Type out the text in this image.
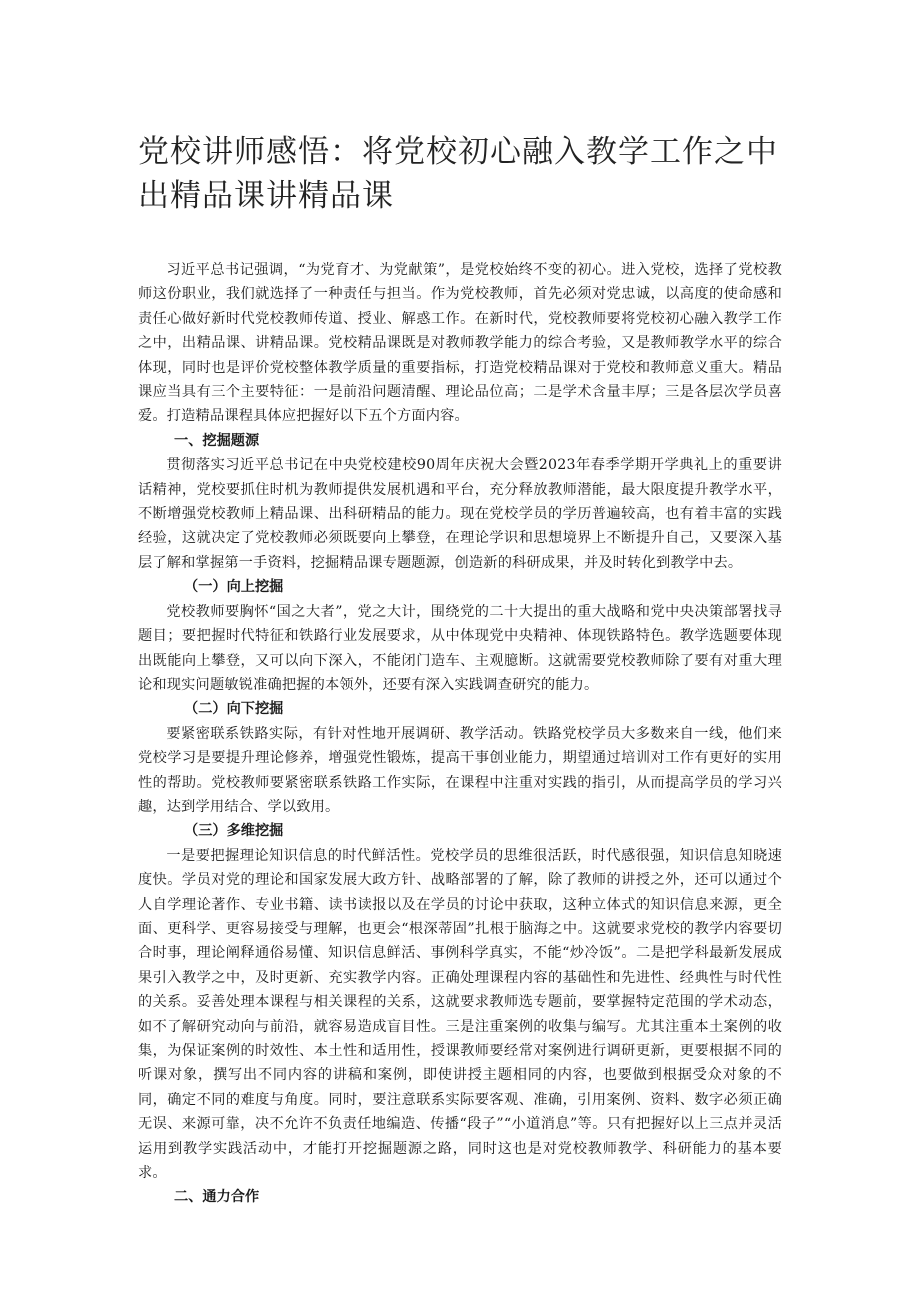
党校讲师感悟：将党校初心融入教学工作之中出精品课讲精品课

习近平总书记强调，“为党育才、为党献策”，是党校始终不变的初心。进入党校，选择了党校教师这份职业，我们就选择了一种责任与担当。作为党校教师，首先必须对党忠诚，以高度的使命感和责任心做好新时代党校教师传道、授业、解惑工作。在新时代，党校教师要将党校初心融入教学工作之中，出精品课、讲精品课。党校精品课既是对教师教学能力的综合考验，又是教师教学水平的综合体现，同时也是评价党校整体教学质量的重要指标，打造党校精品课对于党校和教师意义重大。精品课应当具有三个主要特征：一是前沿问题清醒、理论品位高；二是学术含量丰厚；三是各层次学员喜爱。打造精品课程具体应把握好以下五个方面内容。

一、挖掘题源

贯彻落实习近平总书记在中央党校建校90周年庆祝大会暨2023年春季学期开学典礼上的重要讲话精神，党校要抓住时机为教师提供发展机遇和平台，充分释放教师潜能，最大限度提升教学水平，不断增强党校教师上精品课、出科研精品的能力。现在党校学员的学历普遍较高，也有着丰富的实践经验，这就决定了党校教师必须既要向上攀登，在理论学识和思想境界上不断提升自己，又要深入基层了解和掌握第一手资料，挖掘精品课专题题源，创造新的科研成果，并及时转化到教学中去。

（一）向上挖掘

党校教师要胸怀“国之大者”，党之大计，围绕党的二十大提出的重大战略和党中央决策部署找寻题目；要把握时代特征和铁路行业发展要求，从中体现党中央精神、体现铁路特色。教学选题要体现出既能向上攀登，又可以向下深入，不能闭门造车、主观臆断。这就需要党校教师除了要有对重大理论和现实问题敏锐准确把握的本领外，还要有深入实践调查研究的能力。

（二）向下挖掘

要紧密联系铁路实际，有针对性地开展调研、教学活动。铁路党校学员大多数来自一线，他们来党校学习是要提升理论修养，增强党性锻炼，提高干事创业能力，期望通过培训对工作有更好的实用性的帮助。党校教师要紧密联系铁路工作实际，在课程中注重对实践的指引，从而提高学员的学习兴趣，达到学用结合、学以致用。

（三）多维挖掘

一是要把握理论知识信息的时代鲜活性。党校学员的思维很活跃，时代感很强，知识信息知晓速度快。学员对党的理论和国家发展大政方针、战略部署的了解，除了教师的讲授之外，还可以通过个人自学理论著作、专业书籍、读书读报以及在学员的讨论中获取，这种立体式的知识信息来源，更全面、更科学、更容易接受与理解，也更会“根深蒂固”扎根于脑海之中。这就要求党校的教学内容要切合时事，理论阐释通俗易懂、知识信息鲜活、事例科学真实，不能“炒冷饭”。二是把学科最新发展成果引入教学之中，及时更新、充实教学内容。正确处理课程内容的基础性和先进性、经典性与时代性的关系。妥善处理本课程与相关课程的关系，这就要求教师选专题前，要掌握特定范围的学术动态，如不了解研究动向与前沿，就容易造成盲目性。三是注重案例的收集与编写。尤其注重本土案例的收集，为保证案例的时效性、本土性和适用性，授课教师要经常对案例进行调研更新，更要根据不同的听课对象，撰写出不同内容的讲稿和案例，即使讲授主题相同的内容，也要做到根据受众对象的不同，确定不同的难度与角度。同时，要注意联系实际要客观、准确，引用案例、资料、数字必须正确无误、来源可靠，决不允许不负责任地编造、传播“段子”“小道消息”等。只有把握好以上三点并灵活运用到教学实践活动中，才能打开挖掘题源之路，同时这也是对党校教师教学、科研能力的基本要求。

二、通力合作
